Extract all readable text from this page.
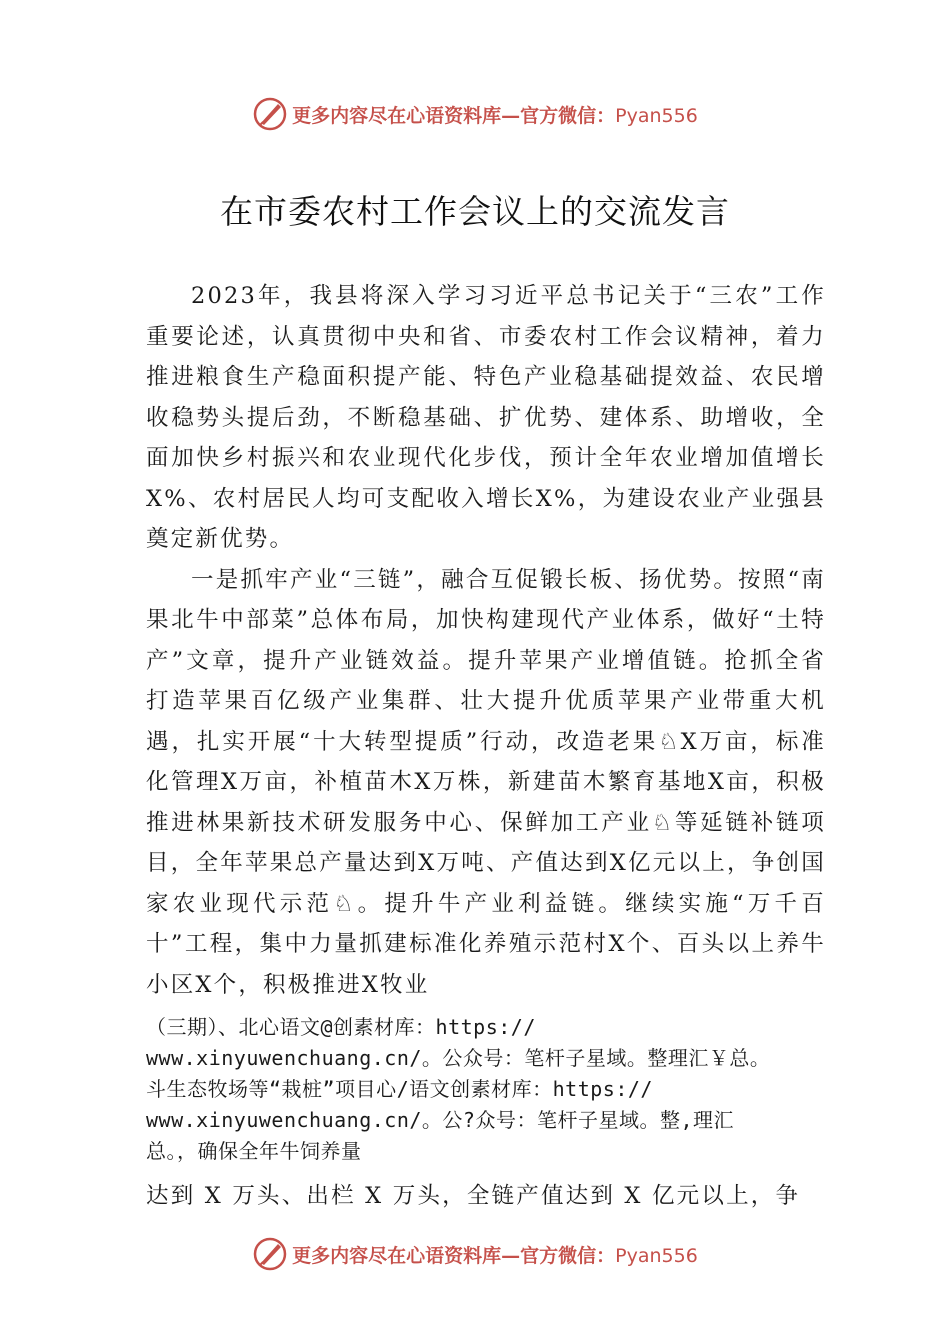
更多内容尽在心语资料库—官方微信：Pyan556
在市委农村工作会议上的交流发言

2023年，我县将深入学习习近平总书记关于“三农”工作重要论述，认真贯彻中央和省、市委农村工作会议精神，着力推进粮食生产稳面积提产能、特色产业稳基础提效益、农民增收稳势头提后劲，不断稳基础、扩优势、建体系、助增收，全面加快乡村振兴和农业现代化步伐，预计全年农业增加值增长X%、农村居民人均可支配收入增长X%，为建设农业产业强县奠定新优势。

一是抓牢产业“三链”，融合互促锻长板、扬优势。按照“南果北牛中部菜”总体布局，加快构建现代产业体系，做好“土特产”文章，提升产业链效益。提升苹果产业增值链。抢抓全省打造苹果百亿级产业集群、壮大提升优质苹果产业带重大机遇，扎实开展“十大转型提质”行动，改造老果♘X万亩，标准化管理X万亩，补植苗木X万株，新建苗木繁育基地X亩，积极推进林果新技术研发服务中心、保鲜加工产业♘等延链补链项目，全年苹果总产量达到X万吨、产值达到X亿元以上，争创国家农业现代示范♘。提升牛产业利益链。继续实施“万千百十”工程，集中力量抓建标准化养殖示范村X个、百头以上养牛小区X个，积极推进X牧业

（三期）、北心语文@创素材库：https://
www.xinyuwenchuang.cn/。公众号：笔杆子星域。整理汇￥总。
斗生态牧场等“栽桩”项目心/语文创素材库：https://
www.xinyuwenchuang.cn/。公?众号：笔杆子星域。整,理汇
总。，确保全年牛饲养量
达到 X 万头、出栏 X 万头，全链产值达到 X 亿元以上，争
更多内容尽在心语资料库—官方微信：Pyan556
